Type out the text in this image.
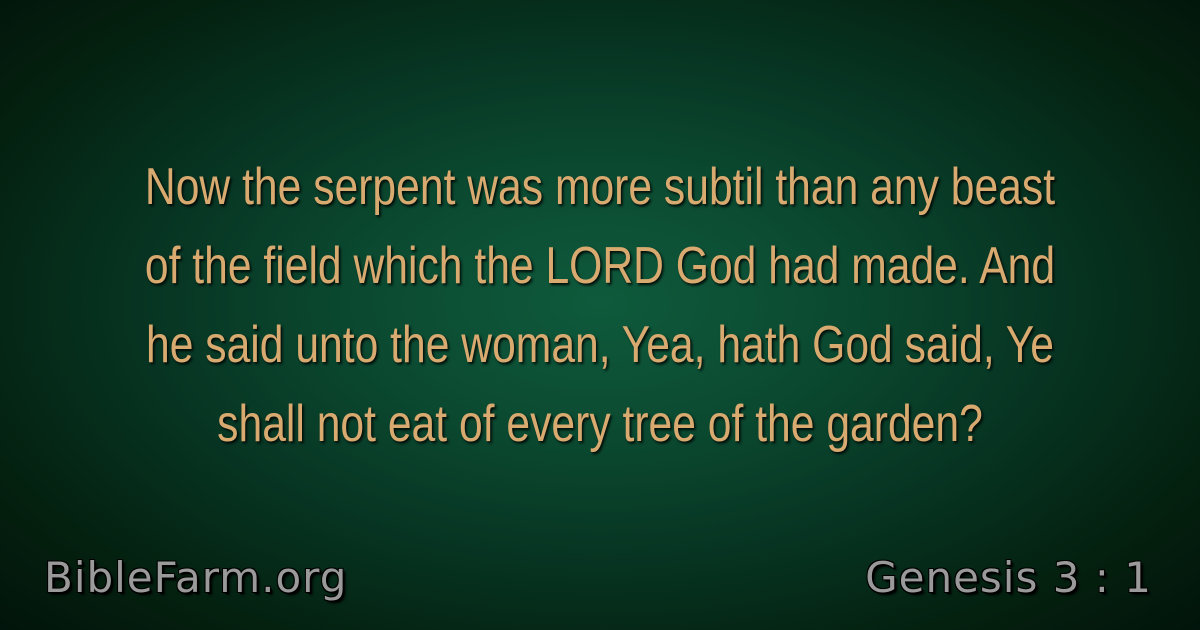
Now the serpent was more subtil than any beast
of the field which the LORD God had made. And
he said unto the woman, Yea, hath God said, Ye
shall not eat of every tree of the garden?
BibleFarm.org	Genesis 3 : 1
